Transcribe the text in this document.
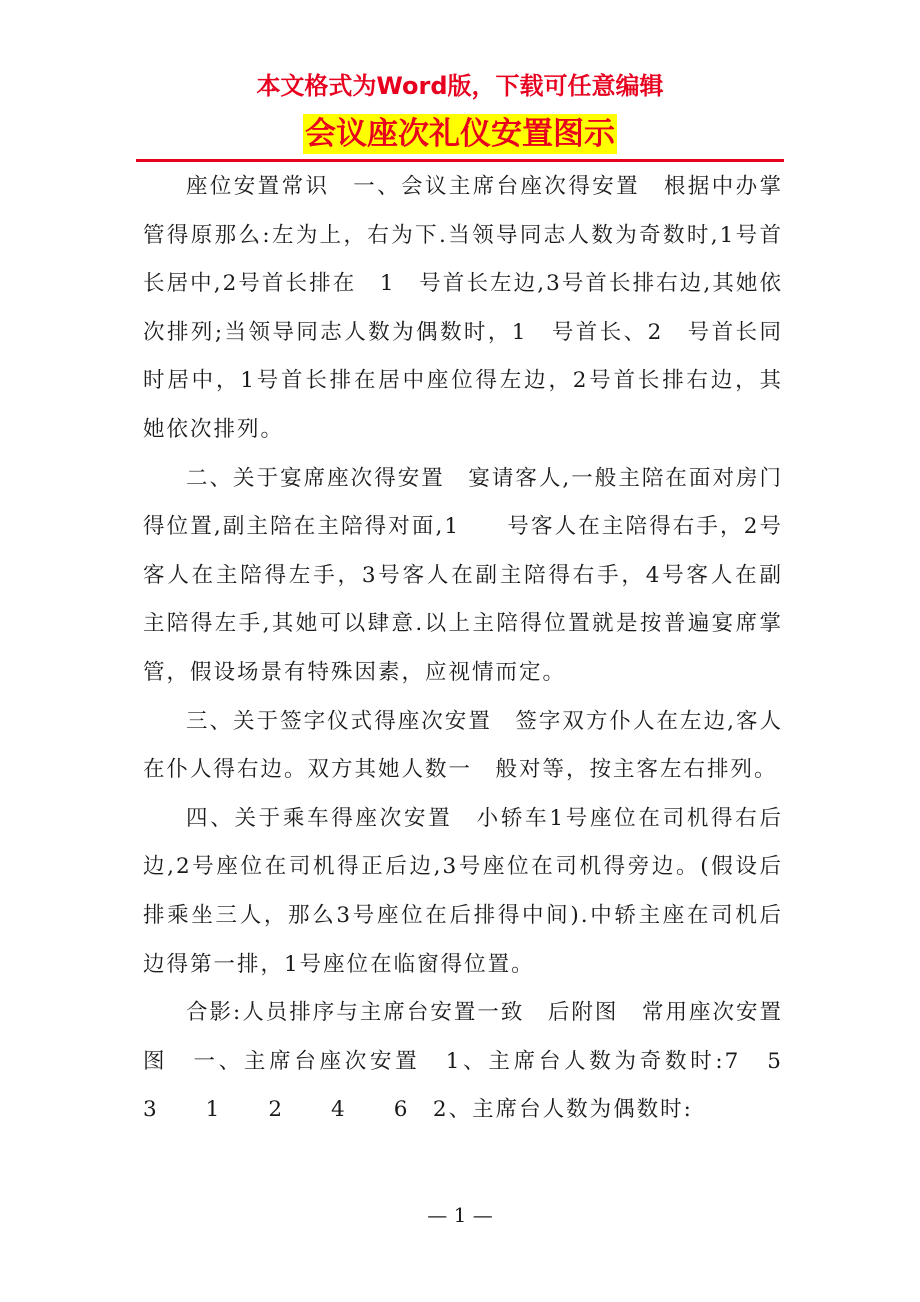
本文格式为Word版，下载可任意编辑
会议座次礼仪安置图示

座位安置常识　一、会议主席台座次得安置　根据中办掌管得原那么:左为上，右为下.当领导同志人数为奇数时,1号首长居中,2号首长排在　1　号首长左边,3号首长排右边,其她依次排列;当领导同志人数为偶数时，1　号首长、2　号首长同时居中，1号首长排在居中座位得左边，2号首长排右边，其她依次排列。

二、关于宴席座次得安置　宴请客人,一般主陪在面对房门得位置,副主陪在主陪得对面,1　　号客人在主陪得右手，2号客人在主陪得左手，3号客人在副主陪得右手，4号客人在副主陪得左手,其她可以肆意.以上主陪得位置就是按普遍宴席掌管，假设场景有特殊因素，应视情而定。

三、关于签字仪式得座次安置　签字双方仆人在左边,客人在仆人得右边。双方其她人数一　般对等，按主客左右排列。

四、关于乘车得座次安置　小轿车1号座位在司机得右后边,2号座位在司机得正后边,3号座位在司机得旁边。(假设后排乘坐三人，那么3号座位在后排得中间).中轿主座在司机后边得第一排，1号座位在临窗得位置。

合影:人员排序与主席台安置一致　后附图　常用座次安置图　一、主席台座次安置　1、主席台人数为奇数时:7　5　　3　　1　　2　　4　　6　2、主席台人数为偶数时:

— 1 —
